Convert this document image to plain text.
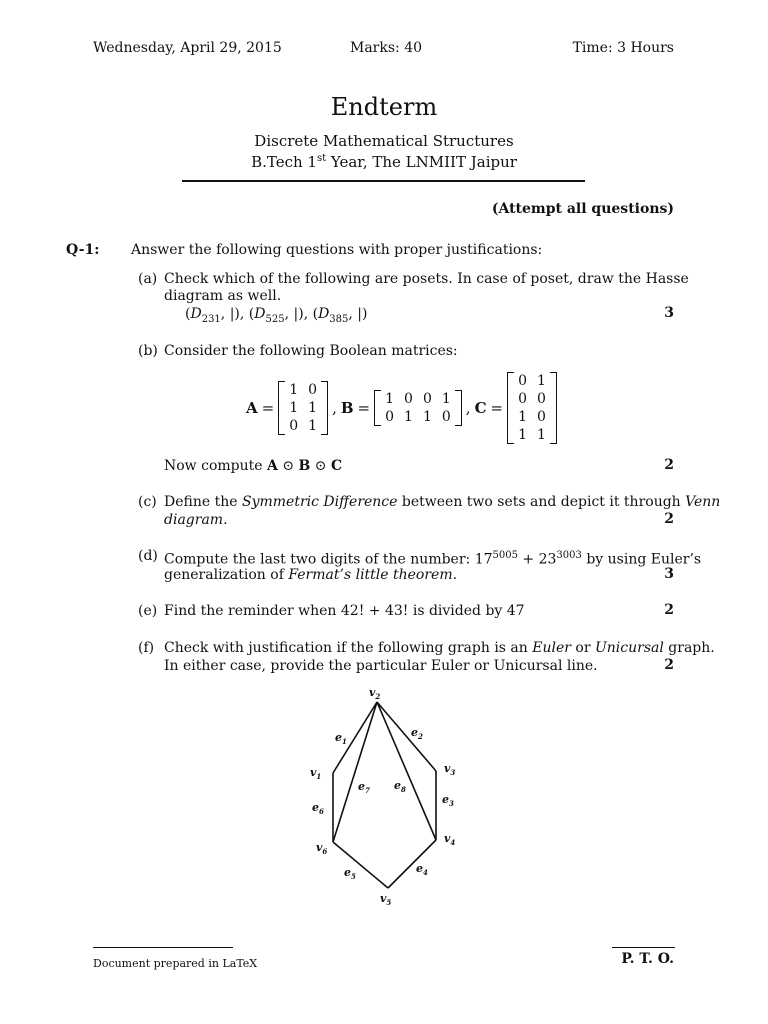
Wednesday, April 29, 2015	Marks: 40	Time: 3 Hours
Endterm
Discrete Mathematical Structures
B.Tech 1st Year, The LNMIIT Jaipur
(Attempt all questions)
Q-1: Answer the following questions with proper justifications:
(a) Check which of the following are posets. In case of poset, draw the Hasse
diagram as well.
($D_{231}$, |), ($D_{525}$, |), ($D_{385}$, |)	3
(b) Consider the following Boolean matrices:
A =
1	0
1	1
0	1
, B = 1	0	0	1
0	1	1	0 , C =
0	1
0	0
1	0
1	1
Now compute A ⊙ B ⊙ C	2
(c) Define the Symmetric Difference between two sets and depict it through Venn
diagram.	2
(d) Compute the last two digits of the number: $17^{5005} + 23^{3003}$ by using Euler’s
generalization of Fermat’s little theorem.	3
(e) Find the reminder when 42! + 43! is divided by 47	2
(f) Check with justification if the following graph is an Euler or Unicursal graph.
In either case, provide the particular Euler or Unicursal line.	2
$e_1$
$e_2$
$e_3$
$e_4$
$e_5$
$e_6$
$e_7$ $e_8$
$v_1$
$v_2$
$v_3$
$v_4$
$v_5$
$v_6$
Document prepared in LaTeX	P. T. O.
